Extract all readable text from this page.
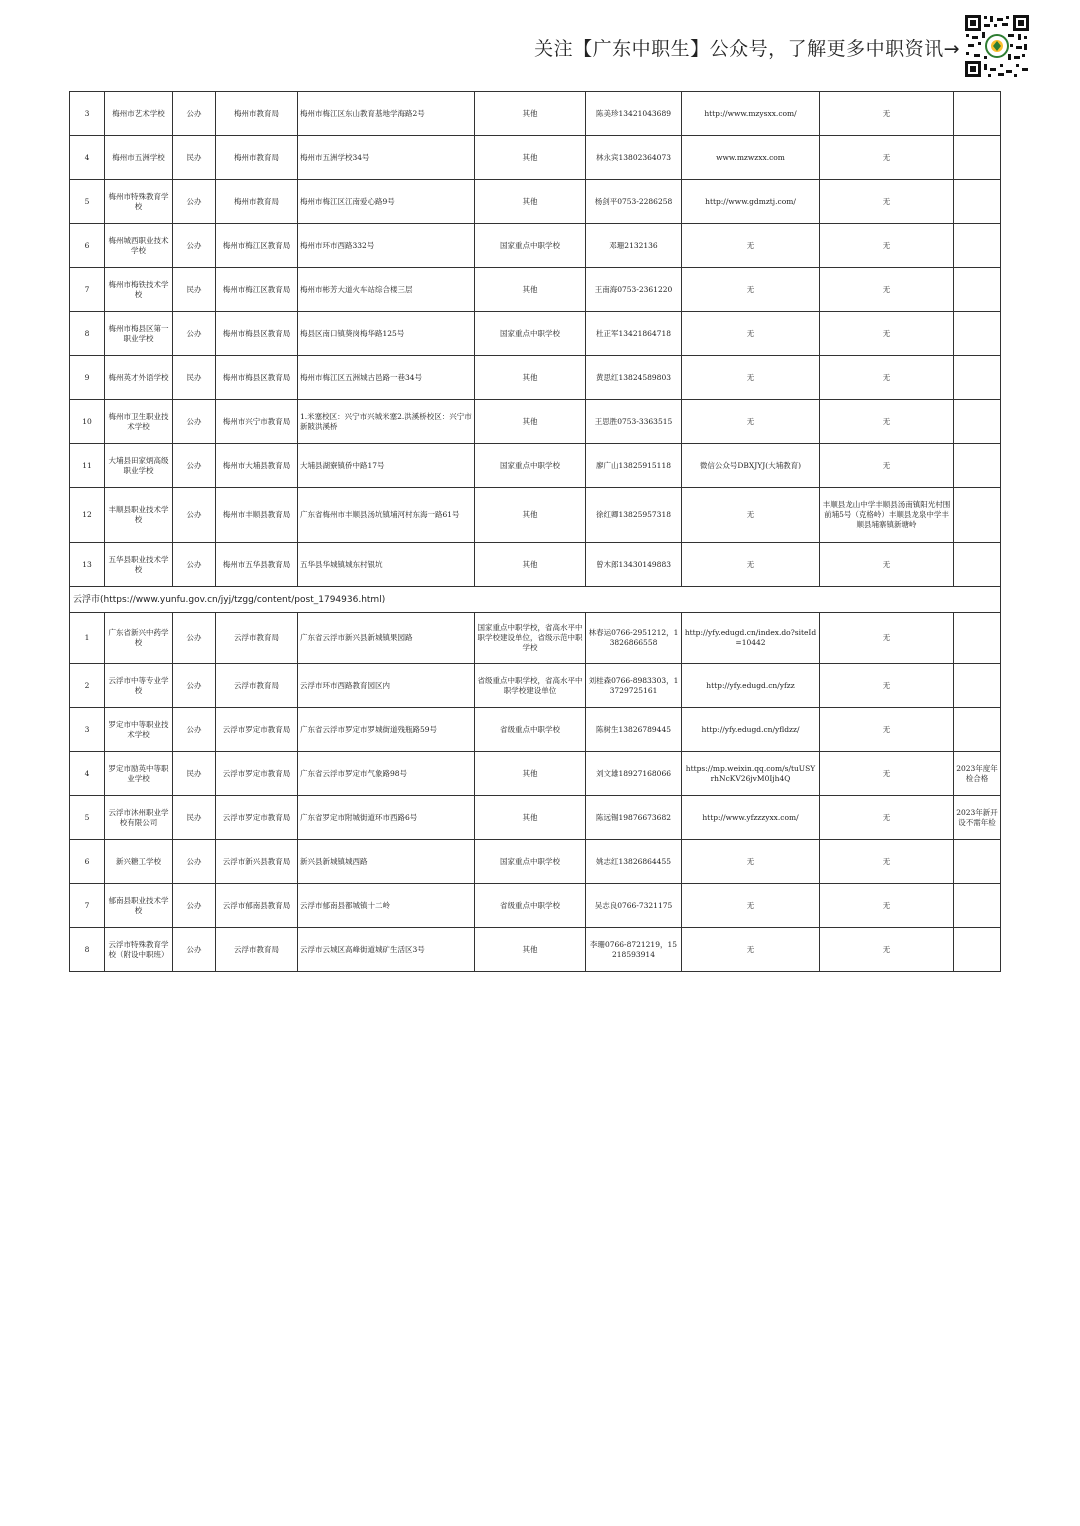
关注【广东中职生】公众号，了解更多中职资讯→
3	梅州市艺术学校	公办	梅州市教育局	梅州市梅江区东山教育基地学海路2号	其他	陈美珍13421043689	http://www.mzysxx.com/	无	
4	梅州市五洲学校	民办	梅州市教育局	梅州市五洲学校34号	其他	林永宾13802364073	www.mzwzxx.com	无	
5	梅州市特殊教育学校	公办	梅州市教育局	梅州市梅江区江南爱心路9号	其他	杨剑平0753-2286258	http://www.gdmztj.com/	无	
6	梅州城西职业技术学校	公办	梅州市梅江区教育局	梅州市环市西路332号	国家重点中职学校	邓珊2132136	无	无	
7	梅州市梅铁技术学校	民办	梅州市梅江区教育局	梅州市彬芳大道火车站综合楼三层	其他	王南海0753-2361220	无	无	
8	梅州市梅县区第一职业学校	公办	梅州市梅县区教育局	梅县区南口镇葵岗梅华路125号	国家重点中职学校	杜正军13421864718	无	无	
9	梅州英才外语学校	民办	梅州市梅县区教育局	梅州市梅江区五洲城古邑路一巷34号	其他	黄思红13824589803	无	无	
10	梅州市卫生职业技术学校	公办	梅州市兴宁市教育局	1.米塞校区：兴宁市兴城米塞2.洪溪桥校区：兴宁市新陂洪溪桥	其他	王思胜0753-3363515	无	无	
11	大埔县田家炳高级职业学校	公办	梅州市大埔县教育局	大埔县湖寮镇侨中路17号	国家重点中职学校	廖广山13825915118	微信公众号DBXJYJ(大埔教育)	无	
12	丰顺县职业技术学校	公办	梅州市丰顺县教育局	广东省梅州市丰顺县汤坑镇埔河村东海一路61号	其他	徐红卿13825957318	无	丰顺县龙山中学丰顺县汤南镇阳光村围前埔5号（克格岭）丰顺县龙泉中学丰顺县埔寨镇新塘岭	
13	五华县职业技术学校	公办	梅州市五华县教育局	五华县华城镇城东村银坑	其他	曾木郎13430149883	无	无	
云浮市(https://www.yunfu.gov.cn/jyj/tzgg/content/post_1794936.html)									
1	广东省新兴中药学校	公办	云浮市教育局	广东省云浮市新兴县新城镇果园路	国家重点中职学校，省高水平中职学校建设单位，省级示范中职学校	林春运0766-2951212，13826866558	http://yfy.edugd.cn/index.do?siteId=10442	无	
2	云浮市中等专业学校	公办	云浮市教育局	云浮市环市西路教育园区内	省级重点中职学校，省高水平中职学校建设单位	刘桂森0766-8983303，13729725161	http://yfy.edugd.cn/yfzz	无	
3	罗定市中等职业技术学校	公办	云浮市罗定市教育局	广东省云浮市罗定市罗城街道残瓶路59号	省级重点中职学校	陈树生13826789445	http://yfy.edugd.cn/yfldzz/	无	
4	罗定市励英中等职业学校	民办	云浮市罗定市教育局	广东省云浮市罗定市气象路98号	其他	刘文雄18927168066	https://mp.weixin.qq.com/s/tuUSYrhNcKV26jvM0Ijh4Q	无	2023年度年检合格
5	云浮市沐州职业学校有限公司	民办	云浮市罗定市教育局	广东省罗定市附城街道环市西路6号	其他	陈远锡19876673682	http://www.yfzzzyxx.com/	无	2023年新开设不需年检
6	新兴糖工学校	公办	云浮市新兴县教育局	新兴县新城镇城西路	国家重点中职学校	姚志红13826864455	无	无	
7	郁南县职业技术学校	公办	云浮市郁南县教育局	云浮市郁南县都城镇十二岭	省级重点中职学校	吴志良0766-7321175	无	无	
8	云浮市特殊教育学校（附设中职班）	公办	云浮市教育局	云浮市云城区高峰街道城矿生活区3号	其他	李珊0766-8721219，15218593914	无	无	
